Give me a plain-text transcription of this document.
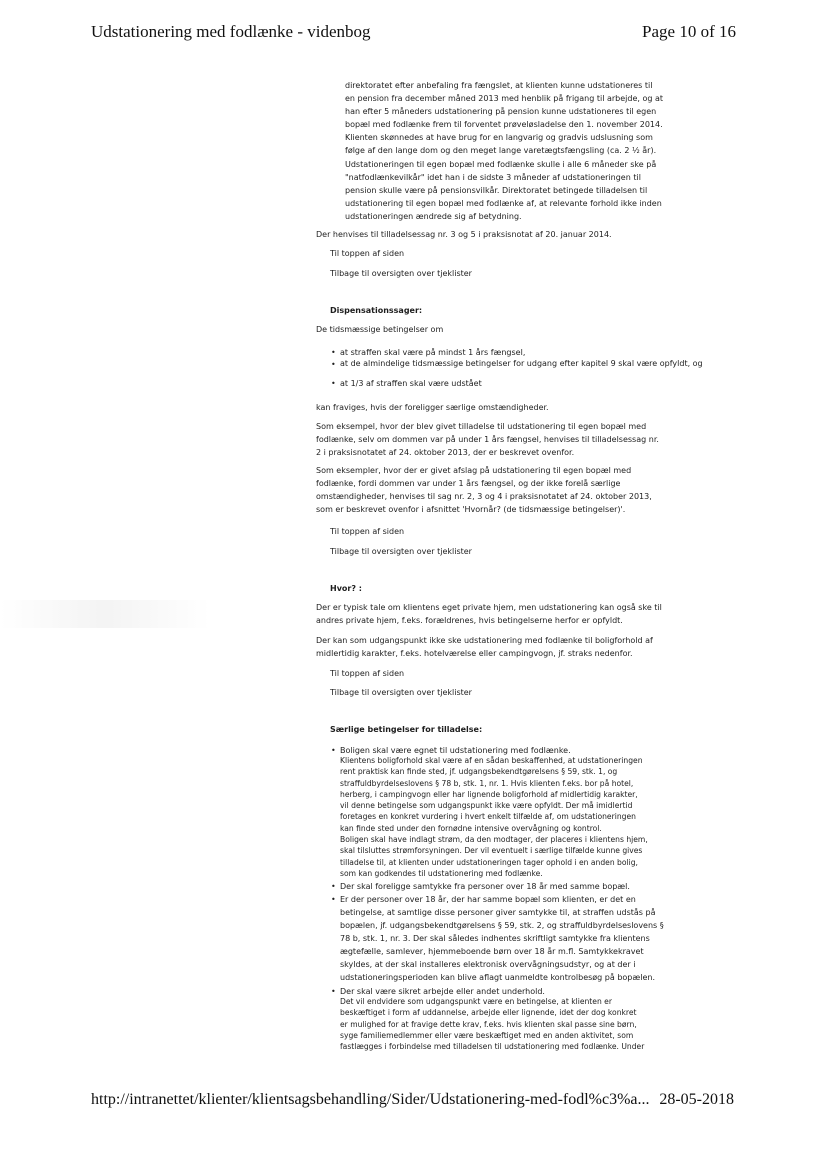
Udstationering med fodlænke - videnbog	Page 10 of 16
direktoratet efter anbefaling fra fængslet, at klienten kunne udstationeres til
en pension fra december måned 2013 med henblik på frigang til arbejde, og at
han efter 5 måneders udstationering på pension kunne udstationeres til egen
bopæl med fodlænke frem til forventet prøveløsladelse den 1. november 2014.
Klienten skønnedes at have brug for en langvarig og gradvis udslusning som
følge af den lange dom og den meget lange varetægtsfængsling (ca. 2 ½ år).
Udstationeringen til egen bopæl med fodlænke skulle i alle 6 måneder ske på
"natfodlænkevilkår" idet han i de sidste 3 måneder af udstationeringen til
pension skulle være på pensionsvilkår. Direktoratet betingede tilladelsen til
udstationering til egen bopæl med fodlænke af, at relevante forhold ikke inden
udstationeringen ændrede sig af betydning.
Der henvises til tilladelsessag nr. 3 og 5 i praksisnotat af 20. januar 2014.
Til toppen af siden
Tilbage til oversigten over tjeklister
Dispensationssager:
De tidsmæssige betingelser om
• at straffen skal være på mindst 1 års fængsel,
• at de almindelige tidsmæssige betingelser for udgang efter kapitel 9 skal være opfyldt, og
• at 1/3 af straffen skal være udstået
kan fraviges, hvis der foreligger særlige omstændigheder.
Som eksempel, hvor der blev givet tilladelse til udstationering til egen bopæl med
fodlænke, selv om dommen var på under 1 års fængsel, henvises til tilladelsessag nr.
2 i praksisnotatet af 24. oktober 2013, der er beskrevet ovenfor.
Som eksempler, hvor der er givet afslag på udstationering til egen bopæl med
fodlænke, fordi dommen var under 1 års fængsel, og der ikke forelå særlige
omstændigheder, henvises til sag nr. 2, 3 og 4 i praksisnotatet af 24. oktober 2013,
som er beskrevet ovenfor i afsnittet 'Hvornår? (de tidsmæssige betingelser)'.
Til toppen af siden
Tilbage til oversigten over tjeklister
Hvor? :
Der er typisk tale om klientens eget private hjem, men udstationering kan også ske til
andres private hjem, f.eks. forældrenes, hvis betingelserne herfor er opfyldt.
Der kan som udgangspunkt ikke ske udstationering med fodlænke til boligforhold af
midlertidig karakter, f.eks. hotelværelse eller campingvogn, jf. straks nedenfor.
Til toppen af siden
Tilbage til oversigten over tjeklister
Særlige betingelser for tilladelse:
• Boligen skal være egnet til udstationering med fodlænke.
Klientens boligforhold skal være af en sådan beskaffenhed, at udstationeringen
rent praktisk kan finde sted, jf. udgangsbekendtgørelsens § 59, stk. 1, og
straffuldbyrdelseslovens § 78 b, stk. 1, nr. 1. Hvis klienten f.eks. bor på hotel,
herberg, i campingvogn eller har lignende boligforhold af midlertidig karakter,
vil denne betingelse som udgangspunkt ikke være opfyldt. Der må imidlertid
foretages en konkret vurdering i hvert enkelt tilfælde af, om udstationeringen
kan finde sted under den fornødne intensive overvågning og kontrol.
Boligen skal have indlagt strøm, da den modtager, der placeres i klientens hjem,
skal tilsluttes strømforsyningen. Der vil eventuelt i særlige tilfælde kunne gives
tilladelse til, at klienten under udstationeringen tager ophold i en anden bolig,
som kan godkendes til udstationering med fodlænke.
• Der skal foreligge samtykke fra personer over 18 år med samme bopæl.
• Er der personer over 18 år, der har samme bopæl som klienten, er det en
betingelse, at samtlige disse personer giver samtykke til, at straffen udstås på
bopælen, jf. udgangsbekendtgørelsens § 59, stk. 2, og straffuldbyrdelseslovens §
78 b, stk. 1, nr. 3. Der skal således indhentes skriftligt samtykke fra klientens
ægtefælle, samlever, hjemmeboende børn over 18 år m.fl. Samtykkekravet
skyldes, at der skal installeres elektronisk overvågningsudstyr, og at der i
udstationeringsperioden kan blive aflagt uanmeldte kontrolbesøg på bopælen.
• Der skal være sikret arbejde eller andet underhold.
Det vil endvidere som udgangspunkt være en betingelse, at klienten er
beskæftiget i form af uddannelse, arbejde eller lignende, idet der dog konkret
er mulighed for at fravige dette krav, f.eks. hvis klienten skal passe sine børn,
syge familiemedlemmer eller være beskæftiget med en anden aktivitet, som
fastlægges i forbindelse med tilladelsen til udstationering med fodlænke. Under
http://intranettet/klienter/klientsagsbehandling/Sider/Udstationering-med-fodl%c3%a... 28-05-2018
